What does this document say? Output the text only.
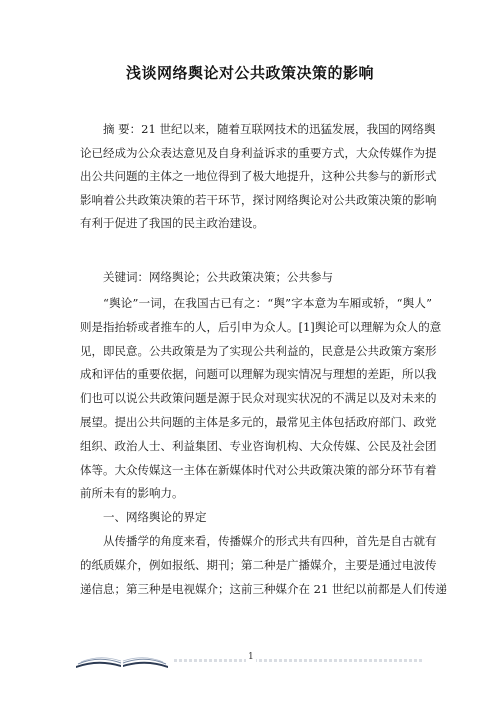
浅谈网络舆论对公共政策决策的影响
摘 要：21 世纪以来，随着互联网技术的迅猛发展，我国的网络舆
论已经成为公众表达意见及自身利益诉求的重要方式，大众传媒作为提
出公共问题的主体之一地位得到了极大地提升，这种公共参与的新形式
影响着公共政策决策的若干环节，探讨网络舆论对公共政策决策的影响
有利于促进了我国的民主政治建设。
关键词：网络舆论；公共政策决策；公共参与
“舆论”一词，在我国古已有之：“舆”字本意为车厢或轿，“舆人”
则是指抬轿或者推车的人，后引申为众人。[1]舆论可以理解为众人的意
见，即民意。公共政策是为了实现公共利益的，民意是公共政策方案形
成和评估的重要依据，问题可以理解为现实情况与理想的差距，所以我
们也可以说公共政策问题是源于民众对现实状况的不满足以及对未来的
展望。提出公共问题的主体是多元的，最常见主体包括政府部门、政党
组织、政治人士、利益集团、专业咨询机构、大众传媒、公民及社会团
体等。大众传媒这一主体在新媒体时代对公共政策决策的部分环节有着
前所未有的影响力。
一、网络舆论的界定
从传播学的角度来看，传播媒介的形式共有四种，首先是自古就有
的纸质媒介，例如报纸、期刊；第二种是广播媒介，主要是通过电波传
递信息；第三种是电视媒介；这前三种媒介在 21 世纪以前都是人们传递
1
